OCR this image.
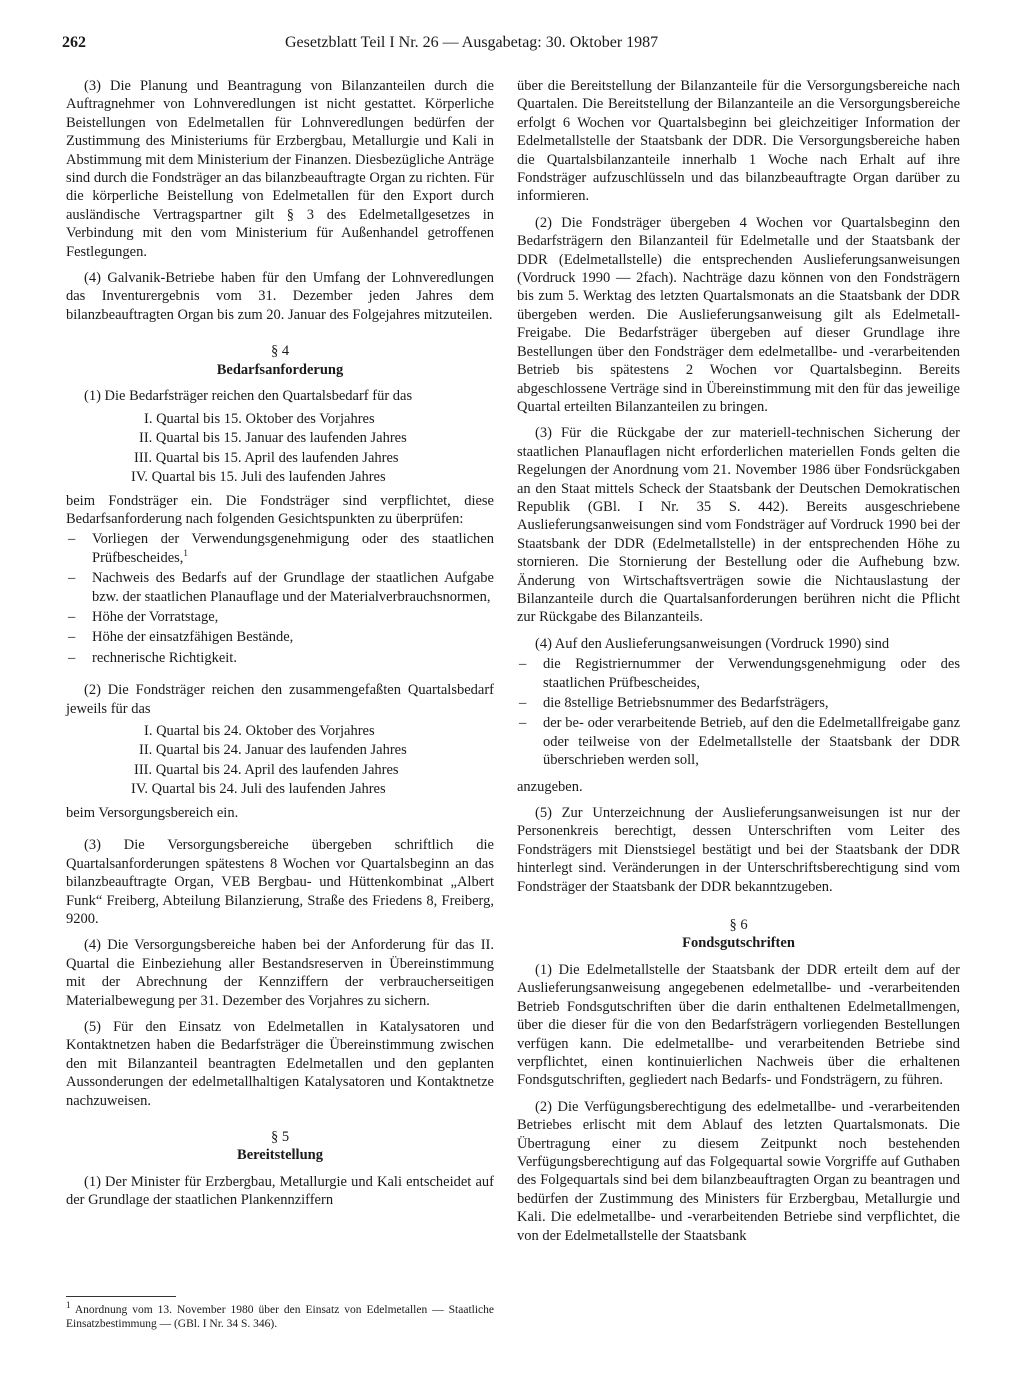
262	Gesetzblatt Teil I Nr. 26 — Ausgabetag: 30. Oktober 1987

(3) Die Planung und Beantragung von Bilanzanteilen durch die Auftragnehmer von Lohnveredlungen ist nicht gestattet. Körperliche Beistellungen von Edelmetallen für Lohnveredlungen bedürfen der Zustimmung des Ministeriums für Erzbergbau, Metallurgie und Kali in Abstimmung mit dem Ministerium der Finanzen. Diesbezügliche Anträge sind durch die Fondsträger an das bilanzbeauftragte Organ zu richten. Für die körperliche Beistellung von Edelmetallen für den Export durch ausländische Vertragspartner gilt § 3 des Edelmetallgesetzes in Verbindung mit den vom Ministerium für Außenhandel getroffenen Festlegungen.

(4) Galvanik-Betriebe haben für den Umfang der Lohnveredlungen das Inventurergebnis vom 31. Dezember jeden Jahres dem bilanzbeauftragten Organ bis zum 20. Januar des Folgejahres mitzuteilen.

§ 4

Bedarfsanforderung

(1) Die Bedarfsträger reichen den Quartalsbedarf für das

I. Quartal bis 15. Oktober des Vorjahres
II. Quartal bis 15. Januar des laufenden Jahres
III. Quartal bis 15. April des laufenden Jahres
IV. Quartal bis 15. Juli des laufenden Jahres

beim Fondsträger ein. Die Fondsträger sind verpflichtet, diese Bedarfsanforderung nach folgenden Gesichtspunkten zu überprüfen:

– Vorliegen der Verwendungsgenehmigung oder des staatlichen Prüfbescheides,$^1$
– Nachweis des Bedarfs auf der Grundlage der staatlichen Aufgabe bzw. der staatlichen Planauflage und der Materialverbrauchsnormen,
– Höhe der Vorratstage,
– Höhe der einsatzfähigen Bestände,
– rechnerische Richtigkeit.

(2) Die Fondsträger reichen den zusammengefaßten Quartalsbedarf jeweils für das

I. Quartal bis 24. Oktober des Vorjahres
II. Quartal bis 24. Januar des laufenden Jahres
III. Quartal bis 24. April des laufenden Jahres
IV. Quartal bis 24. Juli des laufenden Jahres

beim Versorgungsbereich ein.

(3) Die Versorgungsbereiche übergeben schriftlich die Quartalsanforderungen spätestens 8 Wochen vor Quartalsbeginn an das bilanzbeauftragte Organ, VEB Bergbau- und Hüttenkombinat „Albert Funk“ Freiberg, Abteilung Bilanzierung, Straße des Friedens 8, Freiberg, 9200.

(4) Die Versorgungsbereiche haben bei der Anforderung für das II. Quartal die Einbeziehung aller Bestandsreserven in Übereinstimmung mit der Abrechnung der Kennziffern der verbraucherseitigen Materialbewegung per 31. Dezember des Vorjahres zu sichern.

(5) Für den Einsatz von Edelmetallen in Katalysatoren und Kontaktnetzen haben die Bedarfsträger die Übereinstimmung zwischen den mit Bilanzanteil beantragten Edelmetallen und den geplanten Aussonderungen der edelmetallhaltigen Katalysatoren und Kontaktnetze nachzuweisen.

§ 5

Bereitstellung

(1) Der Minister für Erzbergbau, Metallurgie und Kali entscheidet auf der Grundlage der staatlichen Plankennziffern

$^1$ Anordnung vom 13. November 1980 über den Einsatz von Edelmetallen — Staatliche Einsatzbestimmung — (GBl. I Nr. 34 S. 346).

über die Bereitstellung der Bilanzanteile für die Versorgungsbereiche nach Quartalen. Die Bereitstellung der Bilanzanteile an die Versorgungsbereiche erfolgt 6 Wochen vor Quartalsbeginn bei gleichzeitiger Information der Edelmetallstelle der Staatsbank der DDR. Die Versorgungsbereiche haben die Quartalsbilanzanteile innerhalb 1 Woche nach Erhalt auf ihre Fondsträger aufzuschlüsseln und das bilanzbeauftragte Organ darüber zu informieren.

(2) Die Fondsträger übergeben 4 Wochen vor Quartalsbeginn den Bedarfsträgern den Bilanzanteil für Edelmetalle und der Staatsbank der DDR (Edelmetallstelle) die entsprechenden Auslieferungsanweisungen (Vordruck 1990 — 2fach). Nachträge dazu können von den Fondsträgern bis zum 5. Werktag des letzten Quartalsmonats an die Staatsbank der DDR übergeben werden. Die Auslieferungsanweisung gilt als Edelmetall-Freigabe. Die Bedarfsträger übergeben auf dieser Grundlage ihre Bestellungen über den Fondsträger dem edelmetallbe- und -verarbeitenden Betrieb bis spätestens 2 Wochen vor Quartalsbeginn. Bereits abgeschlossene Verträge sind in Übereinstimmung mit den für das jeweilige Quartal erteilten Bilanzanteilen zu bringen.

(3) Für die Rückgabe der zur materiell-technischen Sicherung der staatlichen Planauflagen nicht erforderlichen materiellen Fonds gelten die Regelungen der Anordnung vom 21. November 1986 über Fondsrückgaben an den Staat mittels Scheck der Staatsbank der Deutschen Demokratischen Republik (GBl. I Nr. 35 S. 442). Bereits ausgeschriebene Auslieferungsanweisungen sind vom Fondsträger auf Vordruck 1990 bei der Staatsbank der DDR (Edelmetallstelle) in der entsprechenden Höhe zu stornieren. Die Stornierung der Bestellung oder die Aufhebung bzw. Änderung von Wirtschaftsverträgen sowie die Nichtauslastung der Bilanzanteile durch die Quartalsanforderungen berühren nicht die Pflicht zur Rückgabe des Bilanzanteils.

(4) Auf den Auslieferungsanweisungen (Vordruck 1990) sind

– die Registriernummer der Verwendungsgenehmigung oder des staatlichen Prüfbescheides,
– die 8stellige Betriebsnummer des Bedarfsträgers,
– der be- oder verarbeitende Betrieb, auf den die Edelmetallfreigabe ganz oder teilweise von der Edelmetallstelle der Staatsbank der DDR überschrieben werden soll,

anzugeben.

(5) Zur Unterzeichnung der Auslieferungsanweisungen ist nur der Personenkreis berechtigt, dessen Unterschriften vom Leiter des Fondsträgers mit Dienstsiegel bestätigt und bei der Staatsbank der DDR hinterlegt sind. Veränderungen in der Unterschriftsberechtigung sind vom Fondsträger der Staatsbank der DDR bekanntzugeben.

§ 6

Fondsgutschriften

(1) Die Edelmetallstelle der Staatsbank der DDR erteilt dem auf der Auslieferungsanweisung angegebenen edelmetallbe- und -verarbeitenden Betrieb Fondsgutschriften über die darin enthaltenen Edelmetallmengen, über die dieser für die von den Bedarfsträgern vorliegenden Bestellungen verfügen kann. Die edelmetallbe- und verarbeitenden Betriebe sind verpflichtet, einen kontinuierlichen Nachweis über die erhaltenen Fondsgutschriften, gegliedert nach Bedarfs- und Fondsträgern, zu führen.

(2) Die Verfügungsberechtigung des edelmetallbe- und -verarbeitenden Betriebes erlischt mit dem Ablauf des letzten Quartalsmonats. Die Übertragung einer zu diesem Zeitpunkt noch bestehenden Verfügungsberechtigung auf das Folgequartal sowie Vorgriffe auf Guthaben des Folgequartals sind bei dem bilanzbeauftragten Organ zu beantragen und bedürfen der Zustimmung des Ministers für Erzbergbau, Metallurgie und Kali. Die edelmetallbe- und -verarbeitenden Betriebe sind verpflichtet, die von der Edelmetallstelle der Staatsbank
